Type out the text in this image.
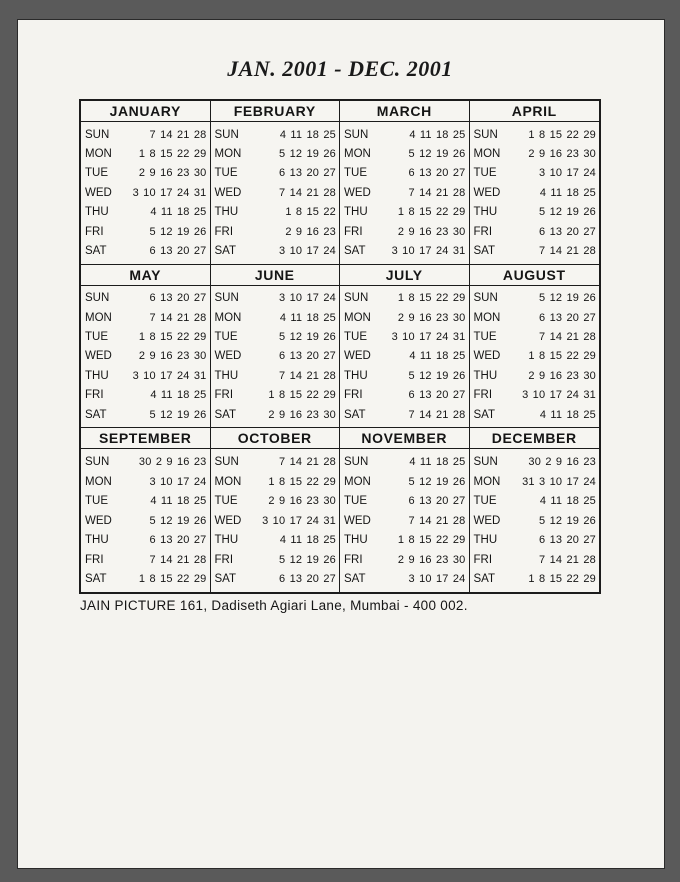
JAN. 2001 - DEC. 2001
JANUARY
SUN	7 14 21 28
MON	1 8 15 22 29
TUE	2 9 16 23 30
WED	3 10 17 24 31
THU	4 11 18 25
FRI	5 12 19 26
SAT	6 13 20 27
FEBRUARY
SUN	4 11 18 25
MON	5 12 19 26
TUE	6 13 20 27
WED	7 14 21 28
THU	1 8 15 22
FRI	2 9 16 23
SAT	3 10 17 24
MARCH
SUN	4 11 18 25
MON	5 12 19 26
TUE	6 13 20 27
WED	7 14 21 28
THU	1 8 15 22 29
FRI	2 9 16 23 30
SAT	3 10 17 24 31
APRIL
SUN	1 8 15 22 29
MON	2 9 16 23 30
TUE	3 10 17 24
WED	4 11 18 25
THU	5 12 19 26
FRI	6 13 20 27
SAT	7 14 21 28
MAY
SUN	6 13 20 27
MON	7 14 21 28
TUE	1 8 15 22 29
WED	2 9 16 23 30
THU	3 10 17 24 31
FRI	4 11 18 25
SAT	5 12 19 26
JUNE
SUN	3 10 17 24
MON	4 11 18 25
TUE	5 12 19 26
WED	6 13 20 27
THU	7 14 21 28
FRI	1 8 15 22 29
SAT	2 9 16 23 30
JULY
SUN	1 8 15 22 29
MON	2 9 16 23 30
TUE	3 10 17 24 31
WED	4 11 18 25
THU	5 12 19 26
FRI	6 13 20 27
SAT	7 14 21 28
AUGUST
SUN	5 12 19 26
MON	6 13 20 27
TUE	7 14 21 28
WED	1 8 15 22 29
THU	2 9 16 23 30
FRI	3 10 17 24 31
SAT	4 11 18 25
SEPTEMBER
SUN	30 2 9 16 23
MON	3 10 17 24
TUE	4 11 18 25
WED	5 12 19 26
THU	6 13 20 27
FRI	7 14 21 28
SAT	1 8 15 22 29
OCTOBER
SUN	7 14 21 28
MON	1 8 15 22 29
TUE	2 9 16 23 30
WED	3 10 17 24 31
THU	4 11 18 25
FRI	5 12 19 26
SAT	6 13 20 27
NOVEMBER
SUN	4 11 18 25
MON	5 12 19 26
TUE	6 13 20 27
WED	7 14 21 28
THU	1 8 15 22 29
FRI	2 9 16 23 30
SAT	3 10 17 24
DECEMBER
SUN	30 2 9 16 23
MON	31 3 10 17 24
TUE	4 11 18 25
WED	5 12 19 26
THU	6 13 20 27
FRI	7 14 21 28
SAT	1 8 15 22 29
JAIN PICTURE 161, Dadiseth Agiari Lane, Mumbai - 400 002.
